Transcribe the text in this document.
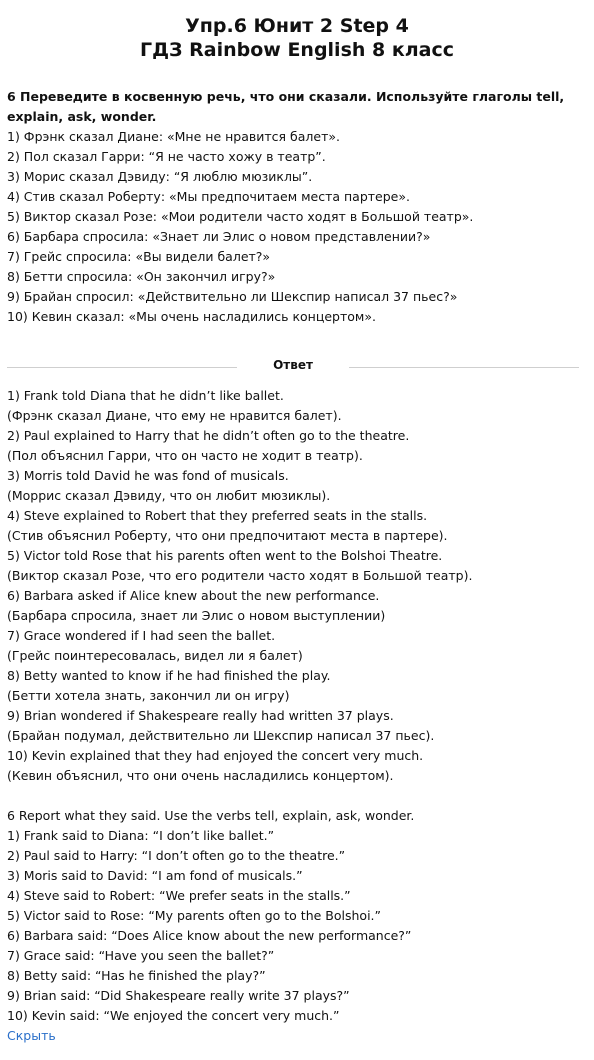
Упр.6 Юнит 2 Step 4
ГДЗ Rainbow English 8 класс
6 Переведите в косвенную речь, что они сказали. Используйте глаголы tell, explain, ask, wonder.
1) Фрэнк сказал Диане: «Мне не нравится балет».
2) Пол сказал Гарри: “Я не часто хожу в театр”.
3) Морис сказал Дэвиду: “Я люблю мюзиклы”.
4) Стив сказал Роберту: «Мы предпочитаем места партере».
5) Виктор сказал Розе: «Мои родители часто ходят в Большой театр».
6) Барбара спросила: «Знает ли Элис о новом представлении?»
7) Грейс спросила: «Вы видели балет?»
8) Бетти спросила: «Он закончил игру?»
9) Брайан спросил: «Действительно ли Шекспир написал 37 пьес?»
10) Кевин сказал: «Мы очень насладились концертом».
Ответ
1) Frank told Diana that he didn’t like ballet.
(Фрэнк сказал Диане, что ему не нравится балет).
2) Paul explained to Harry that he didn’t often go to the theatre.
(Пол объяснил Гарри, что он часто не ходит в театр).
3) Morris told David he was fond of musicals.
(Моррис сказал Дэвиду, что он любит мюзиклы).
4) Steve explained to Robert that they preferred seats in the stalls.
(Стив объяснил Роберту, что они предпочитают места в партере).
5) Victor told Rose that his parents often went to the Bolshoi Theatre.
(Виктор сказал Розе, что его родители часто ходят в Большой театр).
6) Barbara asked if Alice knew about the new performance.
(Барбара спросила, знает ли Элис о новом выступлении)
7) Grace wondered if I had seen the ballet.
(Грейс поинтересовалась, видел ли я балет)
8) Betty wanted to know if he had finished the play.
(Бетти хотела знать, закончил ли он игру)
9) Brian wondered if Shakespeare really had written 37 plays.
(Брайан подумал, действительно ли Шекспир написал 37 пьес).
10) Kevin explained that they had enjoyed the concert very much.
(Кевин объяснил, что они очень насладились концертом).
6 Report what they said. Use the verbs tell, explain, ask, wonder.
1) Frank said to Diana: “I don’t like ballet.”
2) Paul said to Harry: “I don’t often go to the theatre.”
3) Moris said to David: “I am fond of musicals.”
4) Steve said to Robert: “We prefer seats in the stalls.”
5) Victor said to Rose: “My parents often go to the Bolshoi.”
6) Barbara said: “Does Alice know about the new performance?”
7) Grace said: “Have you seen the ballet?”
8) Betty said: “Has he finished the play?”
9) Brian said: “Did Shakespeare really write 37 plays?”
10) Kevin said: “We enjoyed the concert very much.”
Скрыть
